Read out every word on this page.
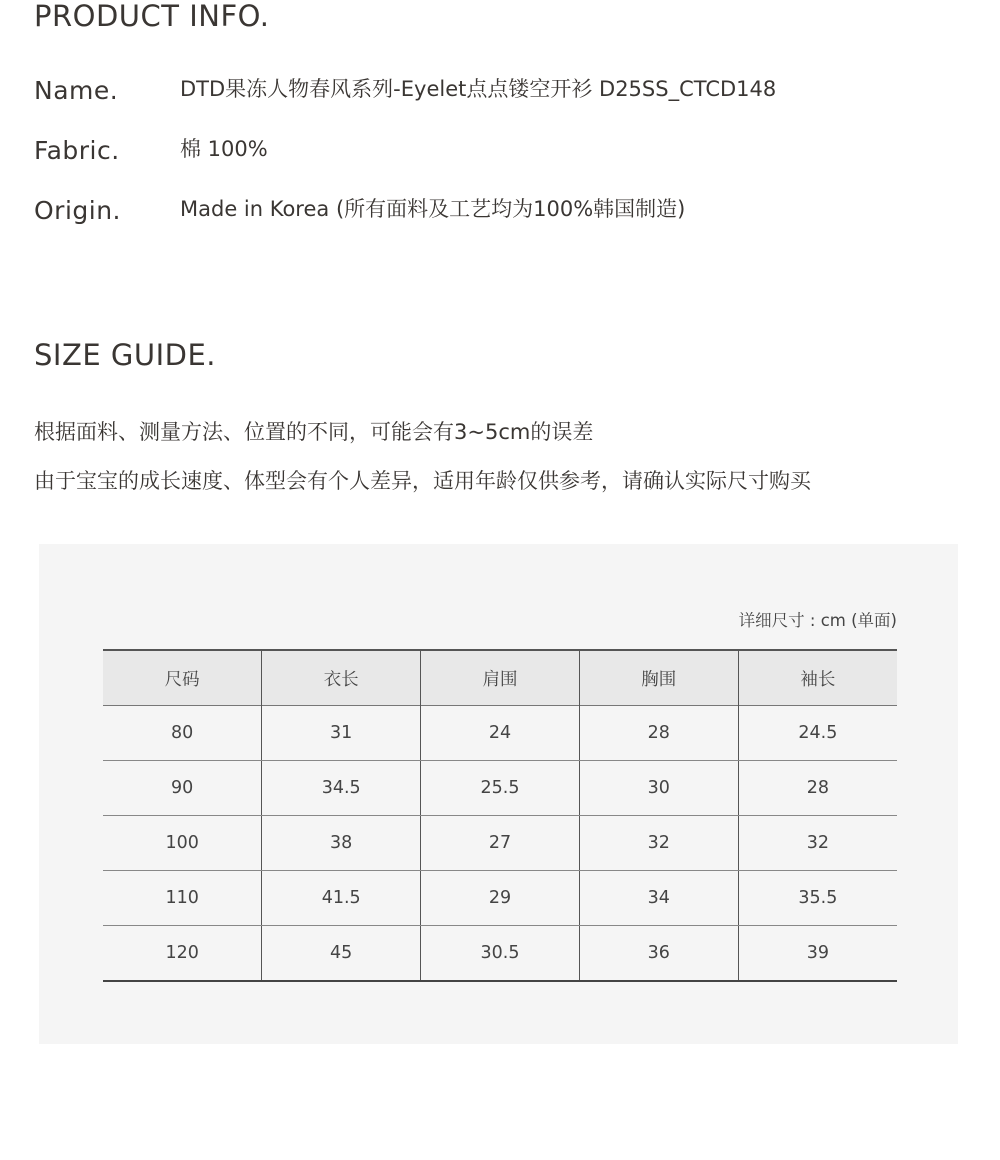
PRODUCT INFO.
Name.	DTD果冻人物春风系列-Eyelet点点镂空开衫 D25SS_CTCD148
Fabric.	棉 100%
Origin.	Made in Korea (所有面料及工艺均为100%韩国制造)
SIZE GUIDE.
根据面料、测量方法、位置的不同，可能会有3~5cm的误差
由于宝宝的成长速度、体型会有个人差异，适用年龄仅供参考，请确认实际尺寸购买
详细尺寸 : cm (单面)
尺码	衣长	肩围	胸围	袖长
80	31	24	28	24.5
90	34.5	25.5	30	28
100	38	27	32	32
110	41.5	29	34	35.5
120	45	30.5	36	39
